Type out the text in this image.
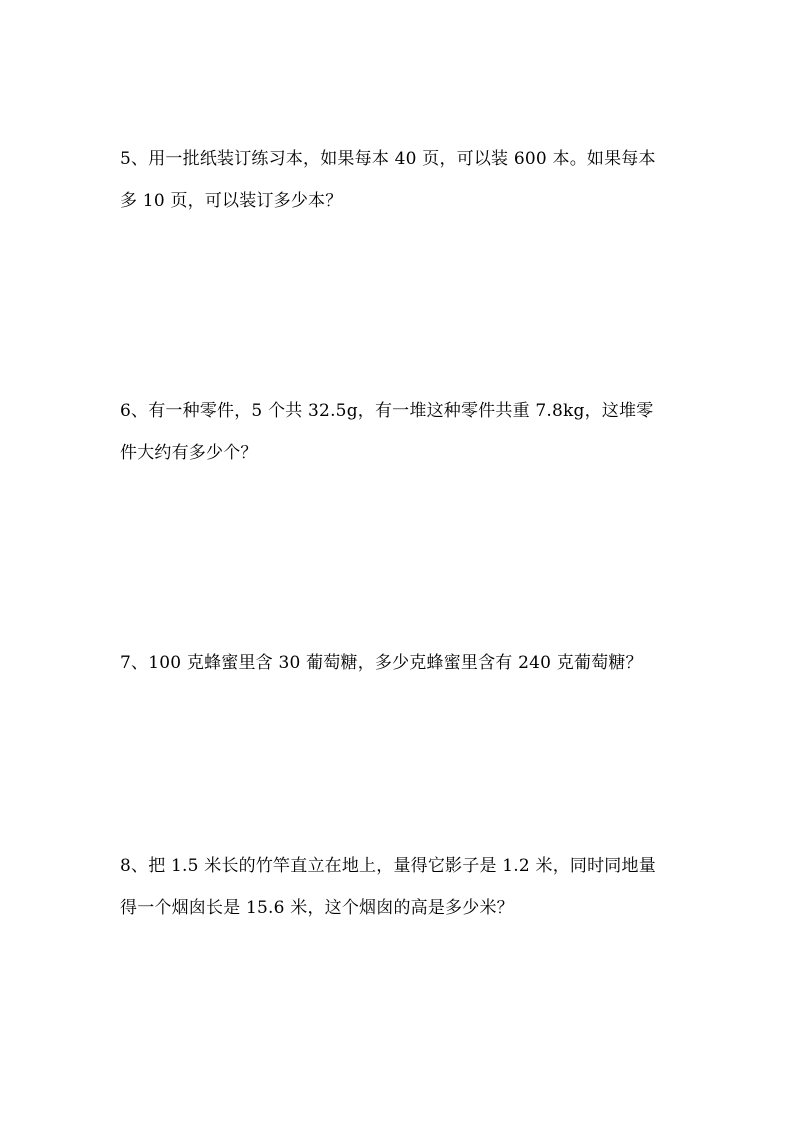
5、用一批纸装订练习本，如果每本 40 页，可以装 600 本。如果每本
多 10 页，可以装订多少本？
6、有一种零件，5 个共 32.5g，有一堆这种零件共重 7.8kg，这堆零
件大约有多少个？
7、100 克蜂蜜里含 30 葡萄糖，多少克蜂蜜里含有 240 克葡萄糖？
8、把 1.5 米长的竹竿直立在地上，量得它影子是 1.2 米，同时同地量
得一个烟囱长是 15.6 米，这个烟囱的高是多少米？
